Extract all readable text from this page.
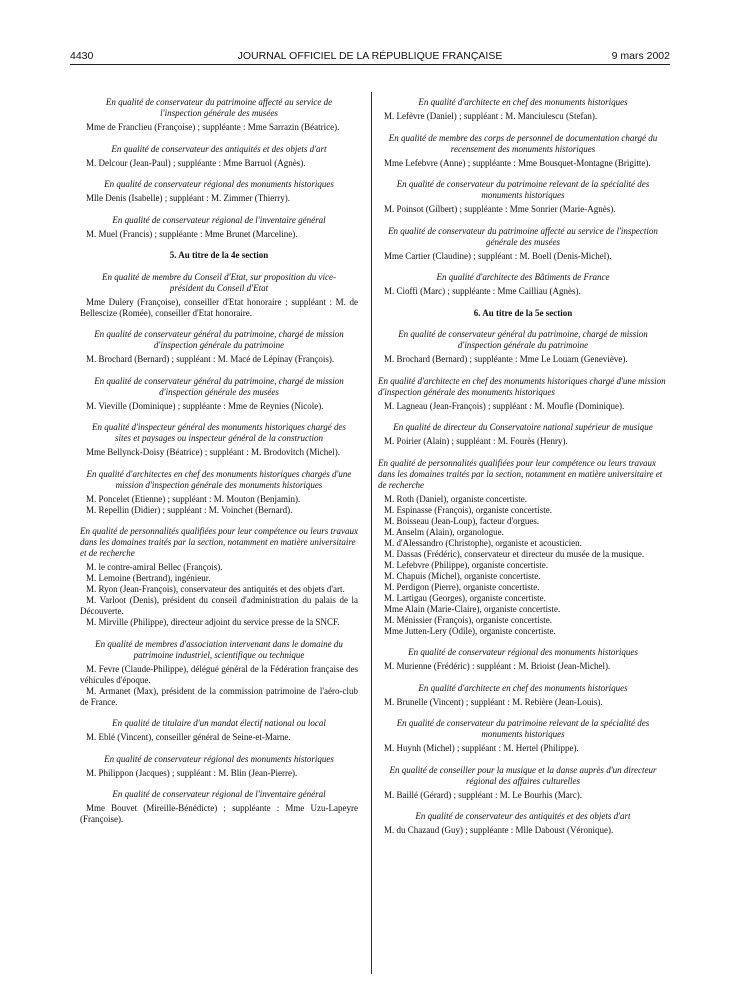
4430	JOURNAL OFFICIEL DE LA RÉPUBLIQUE FRANÇAISE	9 mars 2002
En qualité de conservateur du patrimoine affecté au service de l'inspection générale des musées

Mme de Franclieu (Françoise) ; suppléante : Mme Sarrazin (Béatrice).

En qualité de conservateur des antiquités et des objets d'art

M. Delcour (Jean-Paul) ; suppléante : Mme Barruol (Agnès).

En qualité de conservateur régional des monuments historiques

Mlle Denis (Isabelle) ; suppléant : M. Zimmer (Thierry).

En qualité de conservateur régional de l'inventaire général

M. Muel (Francis) ; suppléante : Mme Brunet (Marceline).

5. Au titre de la 4e section
En qualité de membre du Conseil d'Etat, sur proposition du vice-président du Conseil d'Etat

Mme Dulery (Françoise), conseiller d'Etat honoraire ; suppléant : M. de Bellescize (Romée), conseiller d'Etat honoraire.

En qualité de conservateur général du patrimoine, chargé de mission d'inspection générale du patrimoine

M. Brochard (Bernard) ; suppléant : M. Macé de Lépinay (François).

En qualité de conservateur général du patrimoine, chargé de mission d'inspection générale des musées

M. Vieville (Dominique) ; suppléante : Mme de Reynies (Nicole).

En qualité d'inspecteur général des monuments historiques chargé des sites et paysages ou inspecteur général de la construction

Mme Bellynck-Doisy (Béatrice) ; suppléant : M. Brodovitch (Michel).

En qualité d'architectes en chef des monuments historiques chargés d'une mission d'inspection générale des monuments historiques

M. Poncelet (Etienne) ; suppléant : M. Mouton (Benjamin).

M. Repellin (Didier) ; suppléant : M. Voinchet (Bernard).

En qualité de personnalités qualifiées pour leur compétence ou leurs travaux dans les domaines traités par la section, notamment en matière universitaire et de recherche

M. le contre-amiral Bellec (François).

M. Lemoine (Bertrand), ingénieur.

M. Ryon (Jean-François), conservateur des antiquités et des objets d'art.

M. Varloot (Denis), président du conseil d'administration du palais de la Découverte.

M. Mirville (Philippe), directeur adjoint du service presse de la SNCF.

En qualité de membres d'association intervenant dans le domaine du patrimoine industriel, scientifique ou technique

M. Fevre (Claude-Philippe), délégué général de la Fédération française des véhicules d'époque.

M. Armanet (Max), président de la commission patrimoine de l'aéro-club de France.

En qualité de titulaire d'un mandat électif national ou local

M. Eblé (Vincent), conseiller général de Seine-et-Marne.

En qualité de conservateur régional des monuments historiques

M. Philippon (Jacques) ; suppléant : M. Blin (Jean-Pierre).

En qualité de conservateur régional de l'inventaire général

Mme Bouvet (Mireille-Bénédicte) ; suppléante : Mme Uzu-Lapeyre (Françoise).

En qualité d'architecte en chef des monuments historiques

M. Lefèvre (Daniel) ; suppléant : M. Manciulescu (Stefan).

En qualité de membre des corps de personnel de documentation chargé du recensement des monuments historiques

Mme Lefebvre (Anne) ; suppléante : Mme Bousquet-Montagne (Brigitte).

En qualité de conservateur du patrimoine relevant de la spécialité des monuments historiques

M. Poinsot (Gilbert) ; suppléante : Mme Sonrier (Marie-Agnès).

En qualité de conservateur du patrimoine affecté au service de l'inspection générale des musées

Mme Cartier (Claudine) ; suppléant : M. Boell (Denis-Michel).

En qualité d'architecte des Bâtiments de France

M. Cioffi (Marc) ; suppléante : Mme Cailliau (Agnès).

6. Au titre de la 5e section
En qualité de conservateur général du patrimoine, chargé de mission d'inspection générale du patrimoine

M. Brochard (Bernard) ; suppléante : Mme Le Louarn (Geneviève).

En qualité d'architecte en chef des monuments historiques chargé d'une mission d'inspection générale des monuments historiques

M. Lagneau (Jean-François) ; suppléant : M. Moufle (Dominique).

En qualité de directeur du Conservatoire national supérieur de musique

M. Poirier (Alain) ; suppléant : M. Fourès (Henry).

En qualité de personnalités qualifiées pour leur compétence ou leurs travaux dans les domaines traités par la section, notamment en matière universitaire et de recherche

M. Roth (Daniel), organiste concertiste.

M. Espinasse (François), organiste concertiste.

M. Boisseau (Jean-Loup), facteur d'orgues.

M. Anselm (Alain), organologue.

M. d'Alessandro (Christophe), organiste et acousticien.

M. Dassas (Frédéric), conservateur et directeur du musée de la musique.

M. Lefebvre (Philippe), organiste concertiste.

M. Chapuis (Michel), organiste concertiste.

M. Perdigon (Pierre), organiste concertiste.

M. Lartigau (Georges), organiste concertiste.

Mme Alain (Marie-Claire), organiste concertiste.

M. Ménissier (François), organiste concertiste.

Mme Jutten-Lery (Odile), organiste concertiste.

En qualité de conservateur régional des monuments historiques

M. Murienne (Frédéric) : suppléant : M. Brioist (Jean-Michel).

En qualité d'architecte en chef des monuments historiques

M. Brunelle (Vincent) ; suppléant : M. Rebière (Jean-Louis).

En qualité de conservateur du patrimoine relevant de la spécialité des monuments historiques

M. Huynh (Michel) ; suppléant : M. Hertel (Philippe).

En qualité de conseiller pour la musique et la danse auprès d'un directeur régional des affaires culturelles

M. Baillé (Gérard) ; suppléant : M. Le Bourhis (Marc).

En qualité de conservateur des antiquités et des objets d'art

M. du Chazaud (Guy) ; suppléante : Mlle Daboust (Véronique).
